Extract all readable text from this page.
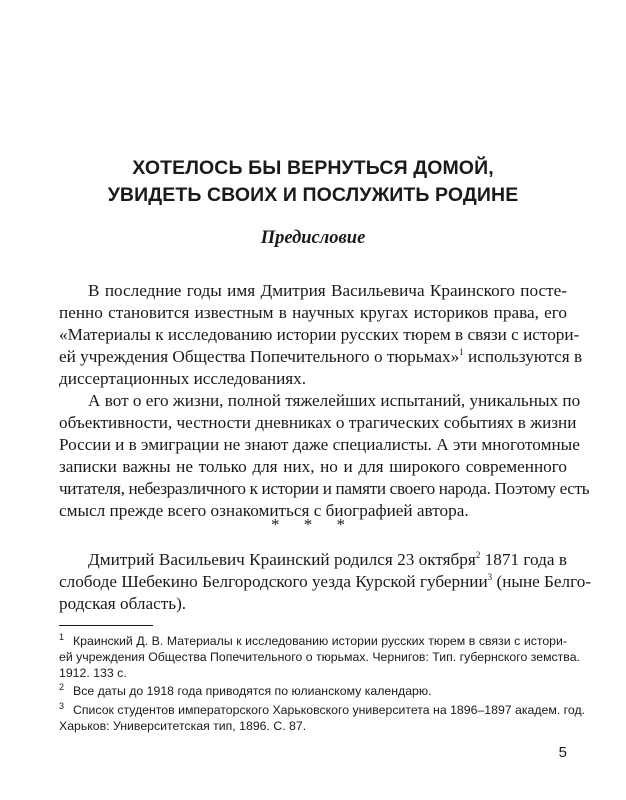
ХОТЕЛОСЬ БЫ ВЕРНУТЬСЯ ДОМОЙ,
УВИДЕТЬ СВОИХ И ПОСЛУЖИТЬ РОДИНЕ
Предисловие

В последние годы имя Дмитрия Васильевича Краинского посте-

пенно становится известным в научных кругах историков права, его

«Материалы к исследованию истории русских тюрем в связи с истори-

ей учреждения Общества Попечительного о тюрьмах»$^1$ используются в

диссертационных исследованиях.

А вот о его жизни, полной тяжелейших испытаний, уникальных по

объективности, честности дневниках о трагических событиях в жизни

России и в эмиграции не знают даже специалисты. А эти многотомные

записки важны не только для них, но и для широкого современного

читателя, небезразличного к истории и памяти своего народа. Поэтому есть

смысл прежде всего ознакомиться с биографией автора.

* * *

Дмитрий Васильевич Краинский родился 23 октября$^2$ 1871 года в

слободе Шебекино Белгородского уезда Курской губернии$^3$ (ныне Белго-

родская область).

1 Краинский Д. В. Материалы к исследованию истории русских тюрем в связи с истори-

ей учреждения Общества Попечительного о тюрьмах. Чернигов: Тип. губернского земства.

1912. 133 с.

2 Все даты до 1918 года приводятся по юлианскому календарю.

3 Список студентов императорского Харьковского университета на 1896–1897 академ. год.

Харьков: Университетская тип, 1896. С. 87.

5
